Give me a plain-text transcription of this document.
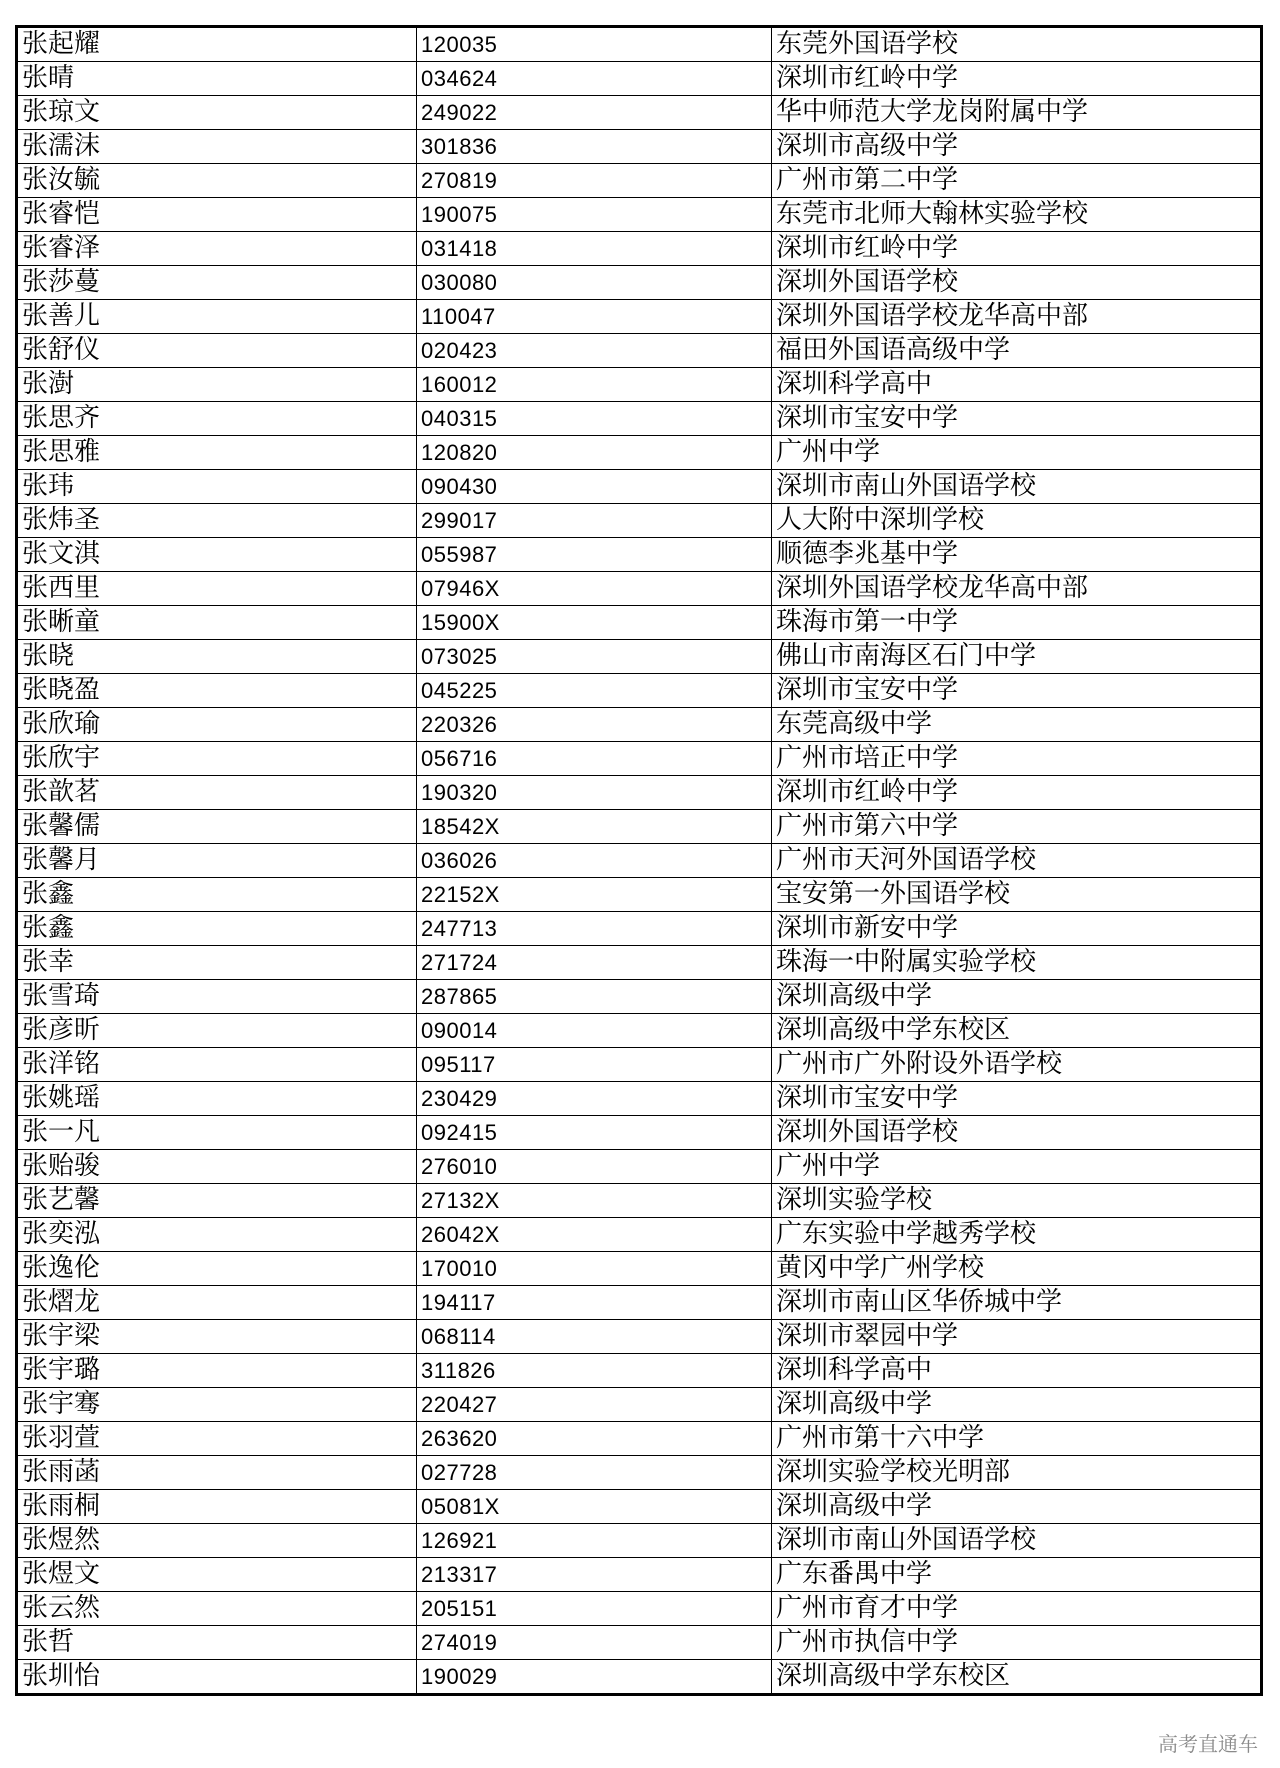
张起耀	120035	东莞外国语学校
张晴	034624	深圳市红岭中学
张琼文	249022	华中师范大学龙岗附属中学
张濡沫	301836	深圳市高级中学
张汝毓	270819	广州市第二中学
张睿恺	190075	东莞市北师大翰林实验学校
张睿泽	031418	深圳市红岭中学
张莎蔓	030080	深圳外国语学校
张善儿	110047	深圳外国语学校龙华高中部
张舒仪	020423	福田外国语高级中学
张澍	160012	深圳科学高中
张思齐	040315	深圳市宝安中学
张思雅	120820	广州中学
张玮	090430	深圳市南山外国语学校
张炜圣	299017	人大附中深圳学校
张文淇	055987	顺德李兆基中学
张西里	07946X	深圳外国语学校龙华高中部
张晰童	15900X	珠海市第一中学
张晓	073025	佛山市南海区石门中学
张晓盈	045225	深圳市宝安中学
张欣瑜	220326	东莞高级中学
张欣宇	056716	广州市培正中学
张歆茗	190320	深圳市红岭中学
张馨儒	18542X	广州市第六中学
张馨月	036026	广州市天河外国语学校
张鑫	22152X	宝安第一外国语学校
张鑫	247713	深圳市新安中学
张幸	271724	珠海一中附属实验学校
张雪琦	287865	深圳高级中学
张彦昕	090014	深圳高级中学东校区
张洋铭	095117	广州市广外附设外语学校
张姚瑶	230429	深圳市宝安中学
张一凡	092415	深圳外国语学校
张贻骏	276010	广州中学
张艺馨	27132X	深圳实验学校
张奕泓	26042X	广东实验中学越秀学校
张逸伦	170010	黄冈中学广州学校
张熠龙	194117	深圳市南山区华侨城中学
张宇梁	068114	深圳市翠园中学
张宇璐	311826	深圳科学高中
张宇骞	220427	深圳高级中学
张羽萱	263620	广州市第十六中学
张雨菡	027728	深圳实验学校光明部
张雨桐	05081X	深圳高级中学
张煜然	126921	深圳市南山外国语学校
张煜文	213317	广东番禺中学
张云然	205151	广州市育才中学
张哲	274019	广州市执信中学
张圳怡	190029	深圳高级中学东校区
高考直通车
